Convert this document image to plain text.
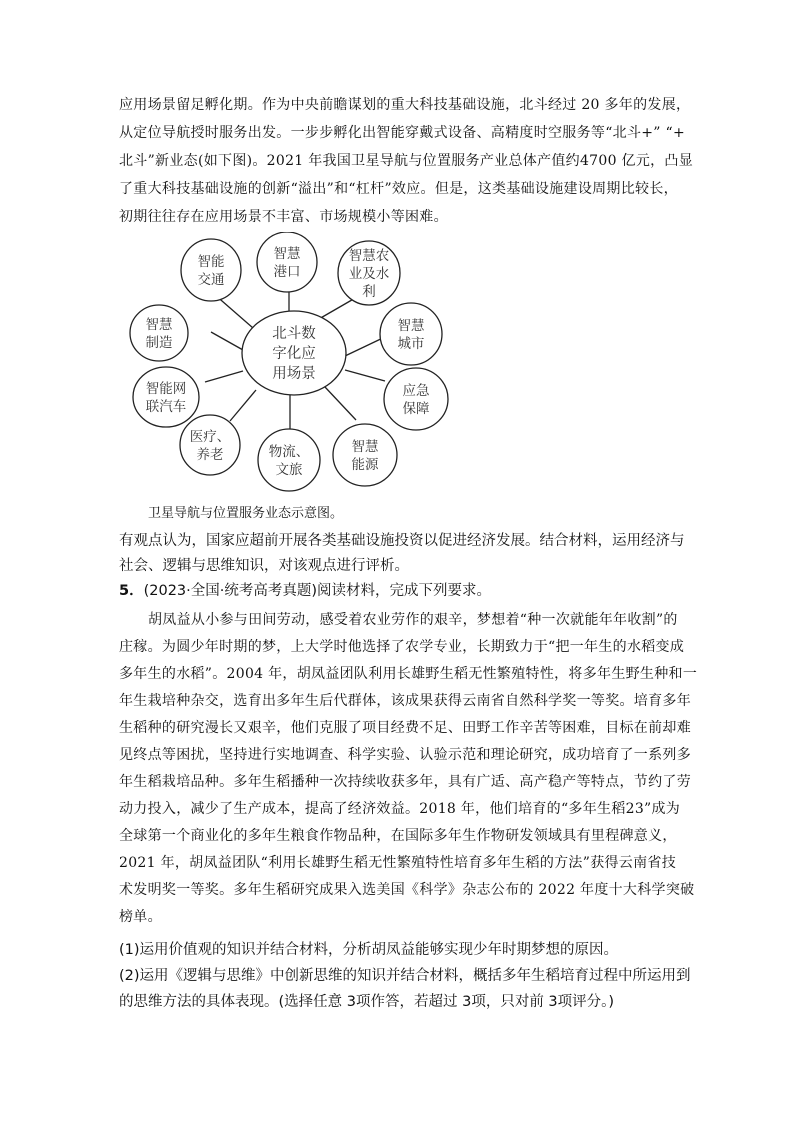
应用场景留足孵化期。作为中央前瞻谋划的重大科技基础设施，北斗经过 20 多年的发展，

从定位导航授时服务出发。一步步孵化出智能穿戴式设备、高精度时空服务等“北斗+” “+

北斗”新业态(如下图)。2021 年我国卫星导航与位置服务产业总体产值约4700 亿元，凸显

了重大科技基础设施的创新“溢出”和“杠杆”效应。但是，这类基础设施建设周期比较长，

初期往往存在应用场景不丰富、市场规模小等困难。

北斗数字化应用场景
智慧港口
智慧农业及水利
智慧城市
应急保障
智慧能源
物流、文旅
医疗、养老
智能网联汽车
智慧制造
智能交通

卫星导航与位置服务业态示意图。

有观点认为，国家应超前开展各类基础设施投资以促进经济发展。结合材料，运用经济与社会、逻辑与思维知识，对该观点进行评析。

5．(2023·全国·统考高考真题)阅读材料，完成下列要求。

胡凤益从小参与田间劳动，感受着农业劳作的艰辛，梦想着“种一次就能年年收割”的

庄稼。为圆少年时期的梦，上大学时他选择了农学专业，长期致力于“把一年生的水稻变成

多年生的水稻”。2004 年，胡凤益团队利用长雄野生稻无性繁殖特性，将多年生野生种和一

年生栽培种杂交，选育出多年生后代群体，该成果获得云南省自然科学奖一等奖。培育多年

生稻种的研究漫长又艰辛，他们克服了项目经费不足、田野工作辛苦等困难，目标在前却难

见终点等困扰，坚持进行实地调查、科学实验、认验示范和理论研究，成功培育了一系列多

年生稻栽培品种。多年生稻播种一次持续收获多年，具有广适、高产稳产等特点，节约了劳

动力投入，减少了生产成本，提高了经济效益。2018 年，他们培育的“多年生稻23”成为

全球第一个商业化的多年生粮食作物品种，在国际多年生作物研发领域具有里程碑意义，

2021 年，胡凤益团队“利用长雄野生稻无性繁殖特性培育多年生稻的方法”获得云南省技

术发明奖一等奖。多年生稻研究成果入选美国《科学》杂志公布的 2022 年度十大科学突破

榜单。

(1)运用价值观的知识并结合材料，分析胡凤益能够实现少年时期梦想的原因。

(2)运用《逻辑与思维》中创新思维的知识并结合材料，概括多年生稻培育过程中所运用到

的思维方法的具体表现。(选择任意 3项作答，若超过 3项，只对前 3项评分。)
